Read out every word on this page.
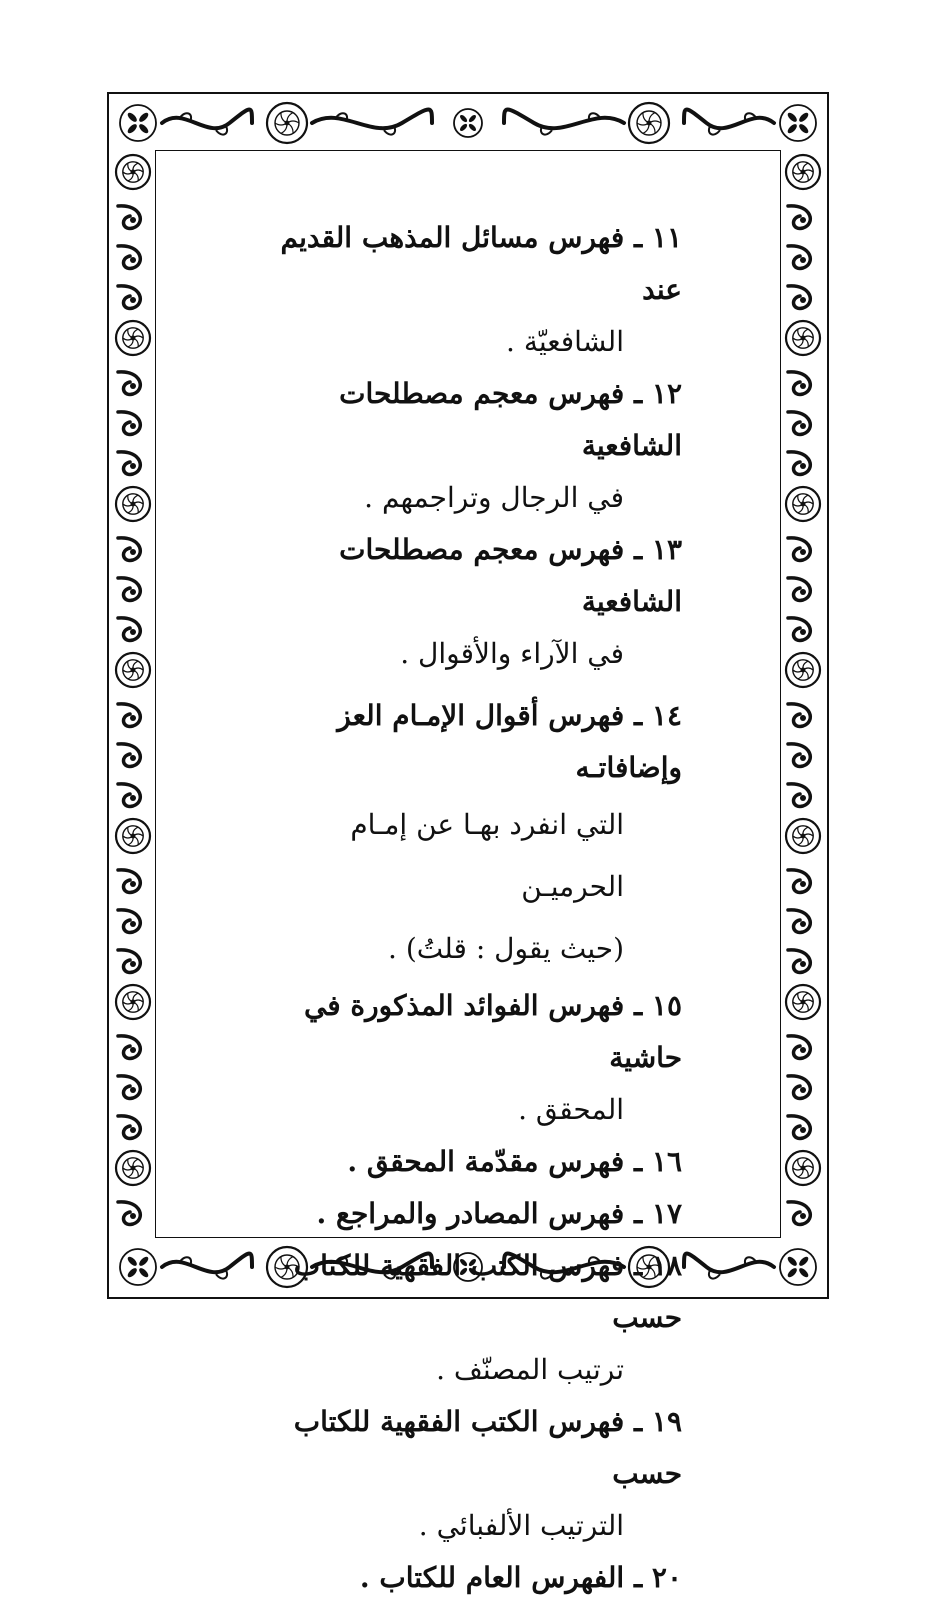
١١ ـ فهرس مسائل المذهب القديم عند
الشافعيّة .
١٢ ـ فهرس معجم مصطلحات الشافعية
في الرجال وتراجمهم .
١٣ ـ فهرس معجم مصطلحات الشافعية
في الآراء والأقوال .
١٤ ـ فهرس أقوال الإمـام العز وإضافاتـه
التي انفرد بهـا عن إمـام الحرميـن
(حيث يقول : قلتُ) .
١٥ ـ فهرس الفوائد المذكورة في حاشية
المحقق .
١٦ ـ فهرس مقدّمة المحقق .
١٧ ـ فهرس المصادر والمراجع .
١٨ ـ فهرس الكتب الفقهية للكتاب حسب
ترتيب المصنّف .
١٩ ـ فهرس الكتب الفقهية للكتاب حسب
الترتيب الألفبائي .
٢٠ ـ الفهرس العام للكتاب .
